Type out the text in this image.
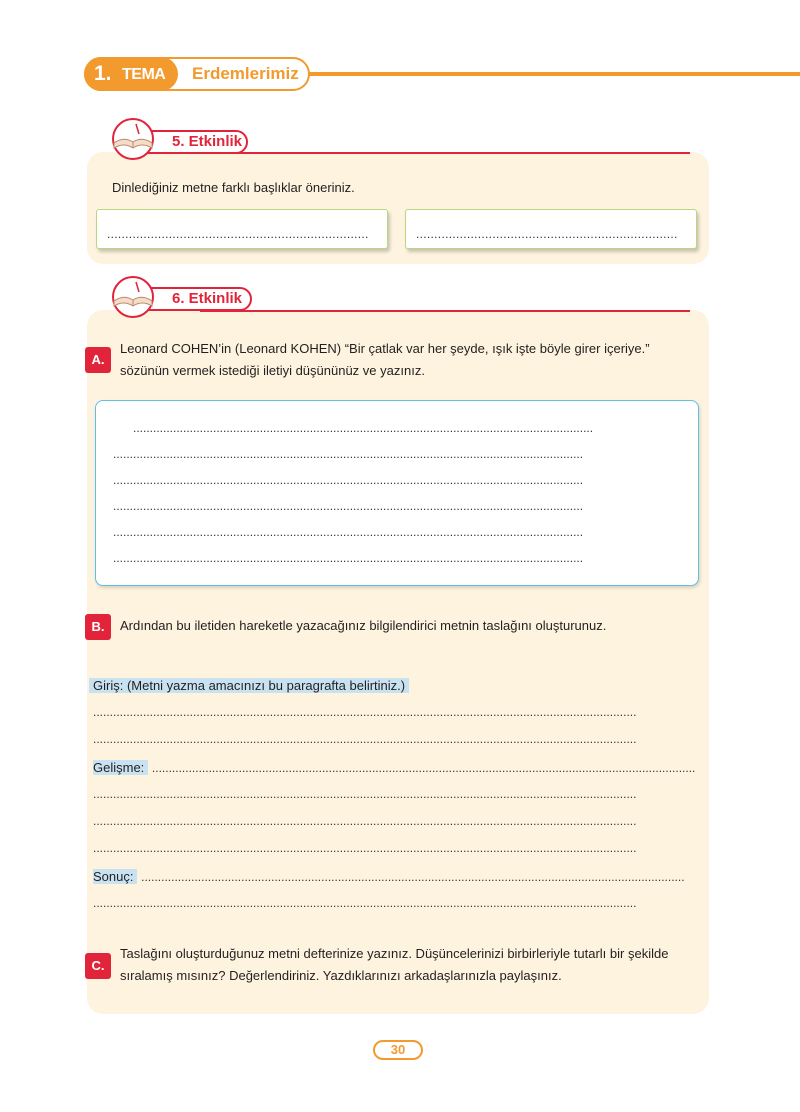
1. TEMA Erdemlerimiz
5. Etkinlik
Dinlediğiniz metne farklı başlıklar öneriniz.
........................................................................	........................................................................
6. Etkinlik
A.
Leonard COHEN’in (Leonard KOHEN) “Bir çatlak var her şeyde, ışık işte böyle girer içeriye.”
sözünün vermek istediği iletiyi düşününüz ve yazınız.
..........................................................................................................................................
.............................................................................................................................................
.............................................................................................................................................
.............................................................................................................................................
.............................................................................................................................................
.............................................................................................................................................
B.	Ardından bu iletiden hareketle yazacağınız bilgilendirici metnin taslağını oluşturunuz.
Giriş: (Metni yazma amacınızı bu paragrafta belirtiniz.)
...................................................................................................................................................................
...................................................................................................................................................................
Gelişme: ...................................................................................................................................................................
...................................................................................................................................................................
...................................................................................................................................................................
...................................................................................................................................................................
Sonuç: ...................................................................................................................................................................
...................................................................................................................................................................
C.
Taslağını oluşturduğunuz metni defterinize yazınız. Düşüncelerinizi birbirleriyle tutarlı bir şekilde
sıralamış mısınız? Değerlendiriniz. Yazdıklarınızı arkadaşlarınızla paylaşınız.
30
